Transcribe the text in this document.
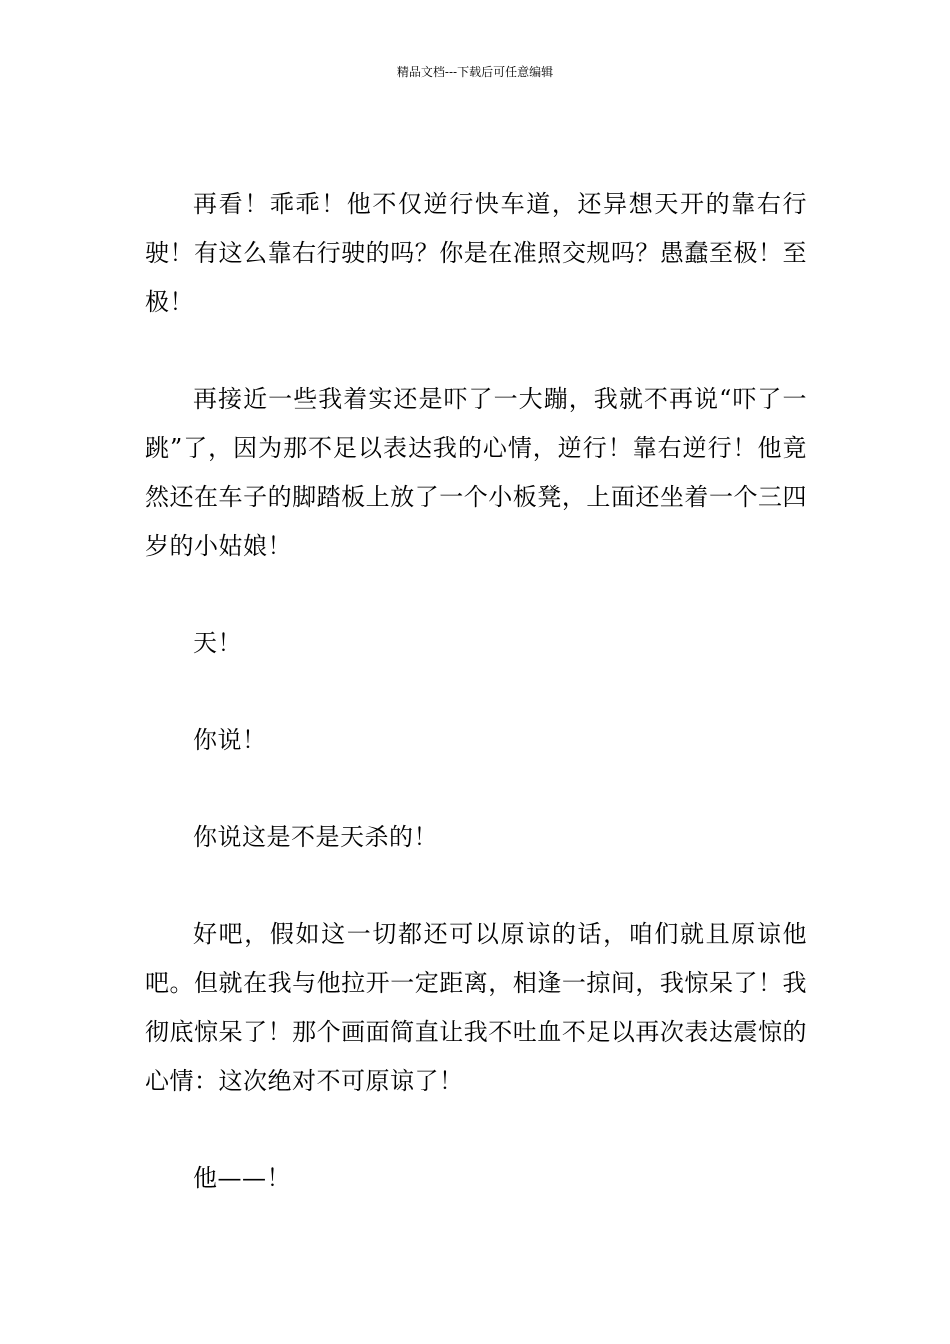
精品文档---下载后可任意编辑

再看！乖乖！他不仅逆行快车道，还异想天开的靠右行驶！有这么靠右行驶的吗？你是在准照交规吗？愚蠢至极！至极！

再接近一些我着实还是吓了一大蹦，我就不再说“吓了一跳”了，因为那不足以表达我的心情，逆行！靠右逆行！他竟然还在车子的脚踏板上放了一个小板凳，上面还坐着一个三四岁的小姑娘！

天！

你说！

你说这是不是天杀的！

好吧，假如这一切都还可以原谅的话，咱们就且原谅他吧。但就在我与他拉开一定距离，相逢一掠间，我惊呆了！我彻底惊呆了！那个画面简直让我不吐血不足以再次表达震惊的心情：这次绝对不可原谅了！

他——！
